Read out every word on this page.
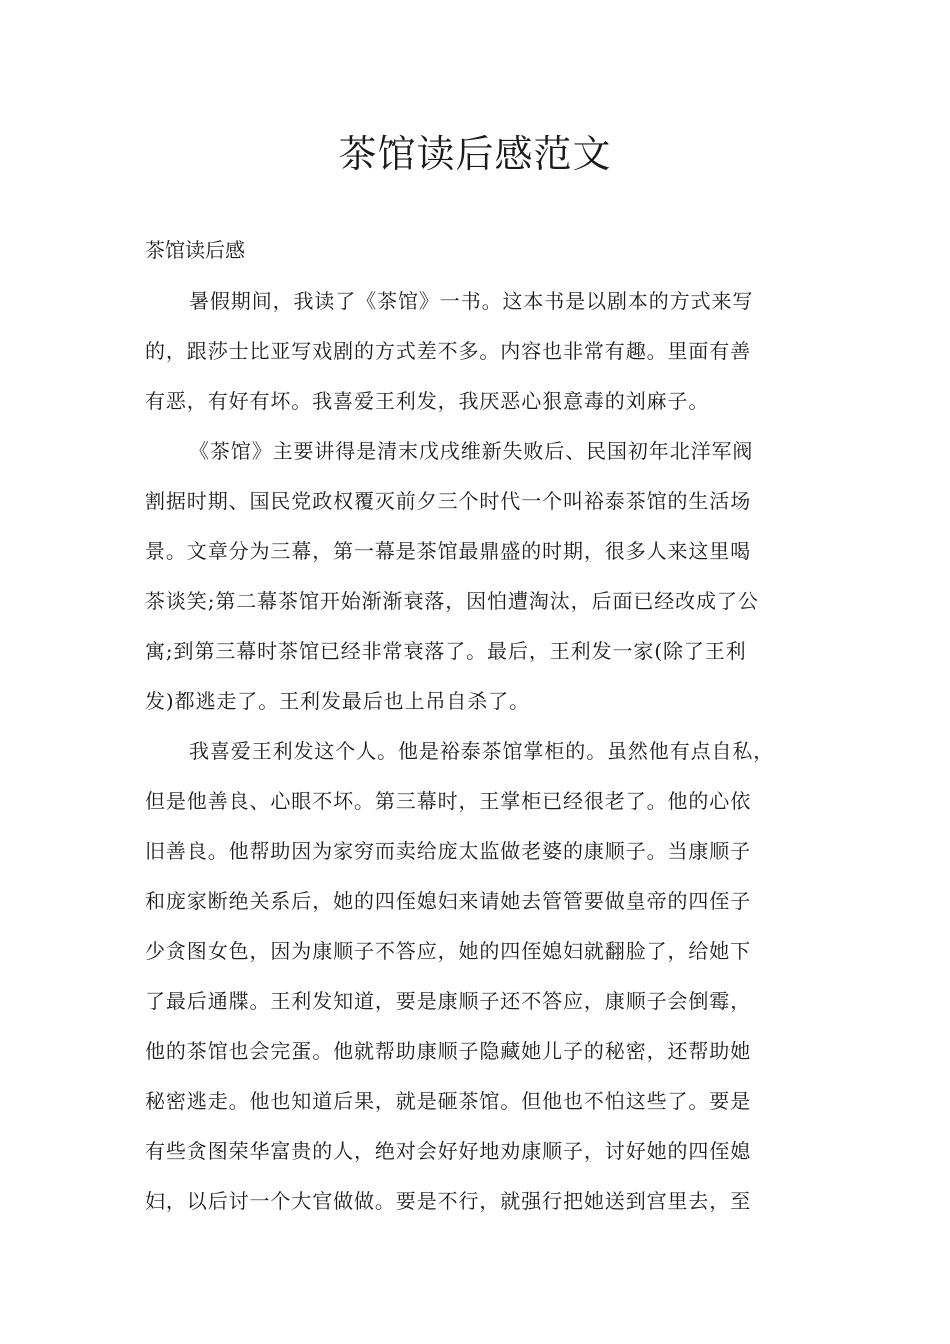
茶馆读后感范文

茶馆读后感

暑假期间，我读了《茶馆》一书。这本书是以剧本的方式来写

的，跟莎士比亚写戏剧的方式差不多。内容也非常有趣。里面有善

有恶，有好有坏。我喜爱王利发，我厌恶心狠意毒的刘麻子。

《茶馆》主要讲得是清末戊戌维新失败后、民国初年北洋军阀

割据时期、国民党政权覆灭前夕三个时代一个叫裕泰茶馆的生活场

景。文章分为三幕，第一幕是茶馆最鼎盛的时期，很多人来这里喝

茶谈笑;第二幕茶馆开始渐渐衰落，因怕遭淘汰，后面已经改成了公

寓;到第三幕时茶馆已经非常衰落了。最后，王利发一家(除了王利

发)都逃走了。王利发最后也上吊自杀了。

我喜爱王利发这个人。他是裕泰茶馆掌柜的。虽然他有点自私，

但是他善良、心眼不坏。第三幕时，王掌柜已经很老了。他的心依

旧善良。他帮助因为家穷而卖给庞太监做老婆的康顺子。当康顺子

和庞家断绝关系后，她的四侄媳妇来请她去管管要做皇帝的四侄子

少贪图女色，因为康顺子不答应，她的四侄媳妇就翻脸了，给她下

了最后通牒。王利发知道，要是康顺子还不答应，康顺子会倒霉，

他的茶馆也会完蛋。他就帮助康顺子隐藏她儿子的秘密，还帮助她

秘密逃走。他也知道后果，就是砸茶馆。但他也不怕这些了。要是

有些贪图荣华富贵的人，绝对会好好地劝康顺子，讨好她的四侄媳

妇，以后讨一个大官做做。要是不行，就强行把她送到宫里去，至
